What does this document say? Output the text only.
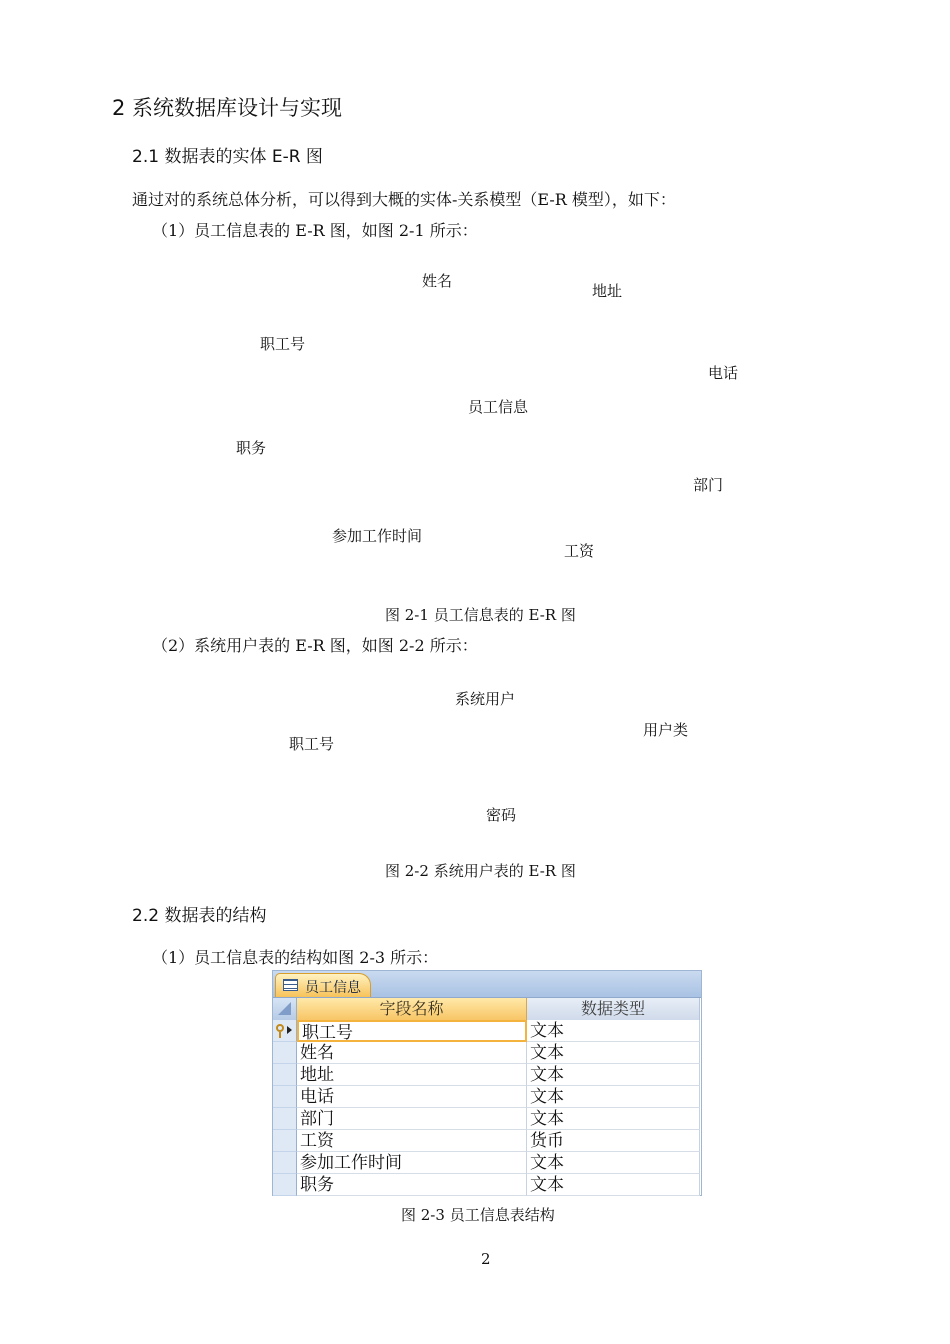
2 系统数据库设计与实现
2.1 数据表的实体 E-R 图
通过对的系统总体分析，可以得到大概的实体-关系模型（E-R 模型），如下：
（1）员工信息表的 E-R 图，如图 2-1 所示：
姓名
地址
职工号
电话
员工信息
职务
部门
参加工作时间
工资
图 2-1 员工信息表的 E-R 图
（2）系统用户表的 E-R 图，如图 2-2 所示：
系统用户
用户类
职工号
密码
图 2-2 系统用户表的 E-R 图
2.2 数据表的结构
（1）员工信息表的结构如图 2-3 所示：
员工信息
字段名称	数据类型
职工号	文本
姓名	文本
地址	文本
电话	文本
部门	文本
工资	货币
参加工作时间	文本
职务	文本
图 2-3 员工信息表结构
2
